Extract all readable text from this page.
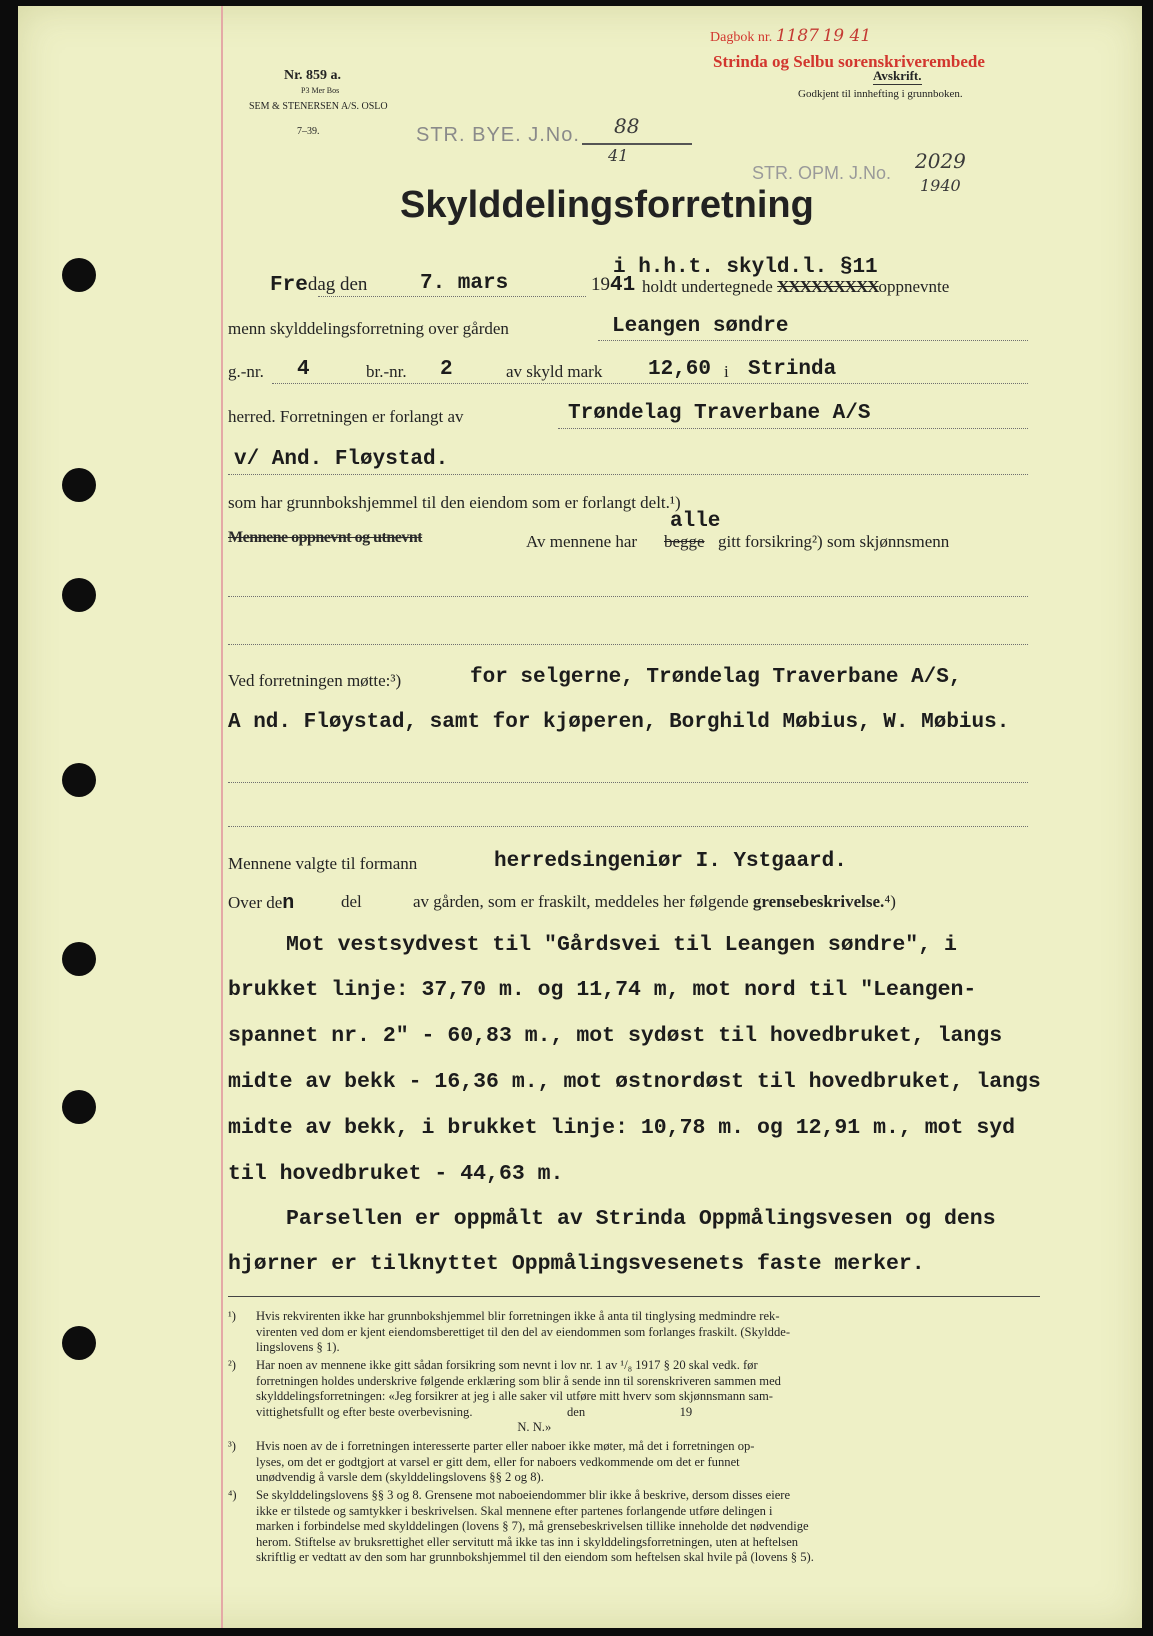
Nr. 859 a.
P3 Mer Bos
SEM & STENERSEN A/S. OSLO
7–39.
Dagbok nr. 1187 19 41
Strinda og Selbu sorenskriverembede
Avskrift.
Godkjent til innhefting i grunnboken.
STR. BYE. J.No. 88
41
STR. OPM. J.No. 2029
1940
Skylddelingsforretning
i h.h.t. skyld.l. §11
Fredag den	7. mars	1941 holdt undertegnede XXXXXXXXXoppnevnte
menn skylddelingsforretning over gården	Leangen søndre
g.-nr. 4	br.-nr. 2	av skyld mark 12,60 i Strinda
herred. Forretningen er forlangt av	Trøndelag Traverbane A/S
v/ And. Fløystad.
som har grunnbokshjemmel til den eiendom som er forlangt delt.¹)
Mennene oppnevnt og utnevnt	Av mennene har
alle
begge gitt forsikring²) som skjønnsmenn
Ved forretningen møtte:³)	for selgerne, Trøndelag Traverbane A/S,
A nd. Fløystad, samt for kjøperen, Borghild Møbius, W. Møbius.
Mennene valgte til formann	herredsingeniør I. Ystgaard.
Over den	del	av gården, som er fraskilt, meddeles her følgende grensebeskrivelse.⁴)
Mot vestsydvest til "Gårdsvei til Leangen søndre", i
brukket linje: 37,70 m. og 11,74 m, mot nord til "Leangen-
spannet nr. 2" - 60,83 m., mot sydøst til hovedbruket, langs
midte av bekk - 16,36 m., mot østnordøst til hovedbruket, langs
midte av bekk, i brukket linje: 10,78 m. og 12,91 m., mot syd
til hovedbruket - 44,63 m.
Parsellen er oppmålt av Strinda Oppmålingsvesen og dens
hjørner er tilknyttet Oppmålingsvesenets faste merker.
¹) Hvis rekvirenten ikke har grunnbokshjemmel blir forretningen ikke å anta til tinglysing medmindre rek-
virenten ved dom er kjent eiendomsberettiget til den del av eiendommen som forlanges fraskilt. (Skyldde-
lingslovens § 1).
²) Har noen av mennene ikke gitt sådan forsikring som nevnt i lov nr. 1 av ¹/₈ 1917 § 20 skal vedk. før
forretningen holdes underskrive følgende erklæring som blir å sende inn til sorenskriveren sammen med
skylddelingsforretningen: «Jeg forsikrer at jeg i alle saker vil utføre mitt hverv som skjønnsmann sam-
vittighetsfullt og efter beste overbevisning.                              den                              19
N. N.»
³) Hvis noen av de i forretningen interesserte parter eller naboer ikke møter, må det i forretningen op-
lyses, om det er godtgjort at varsel er gitt dem, eller for naboers vedkommende om det er funnet
unødvendig å varsle dem (skylddelingslovens §§ 2 og 8).
⁴) Se skylddelingslovens §§ 3 og 8. Grensene mot naboeiendommer blir ikke å beskrive, dersom disses eiere
ikke er tilstede og samtykker i beskrivelsen. Skal mennene efter partenes forlangende utføre delingen i
marken i forbindelse med skylddelingen (lovens § 7), må grensebeskrivelsen tillike inneholde det nødvendige
herom. Stiftelse av bruksrettighet eller servitutt må ikke tas inn i skylddelingsforretningen, uten at heftelsen
skriftlig er vedtatt av den som har grunnbokshjemmel til den eiendom som heftelsen skal hvile på (lovens § 5).
